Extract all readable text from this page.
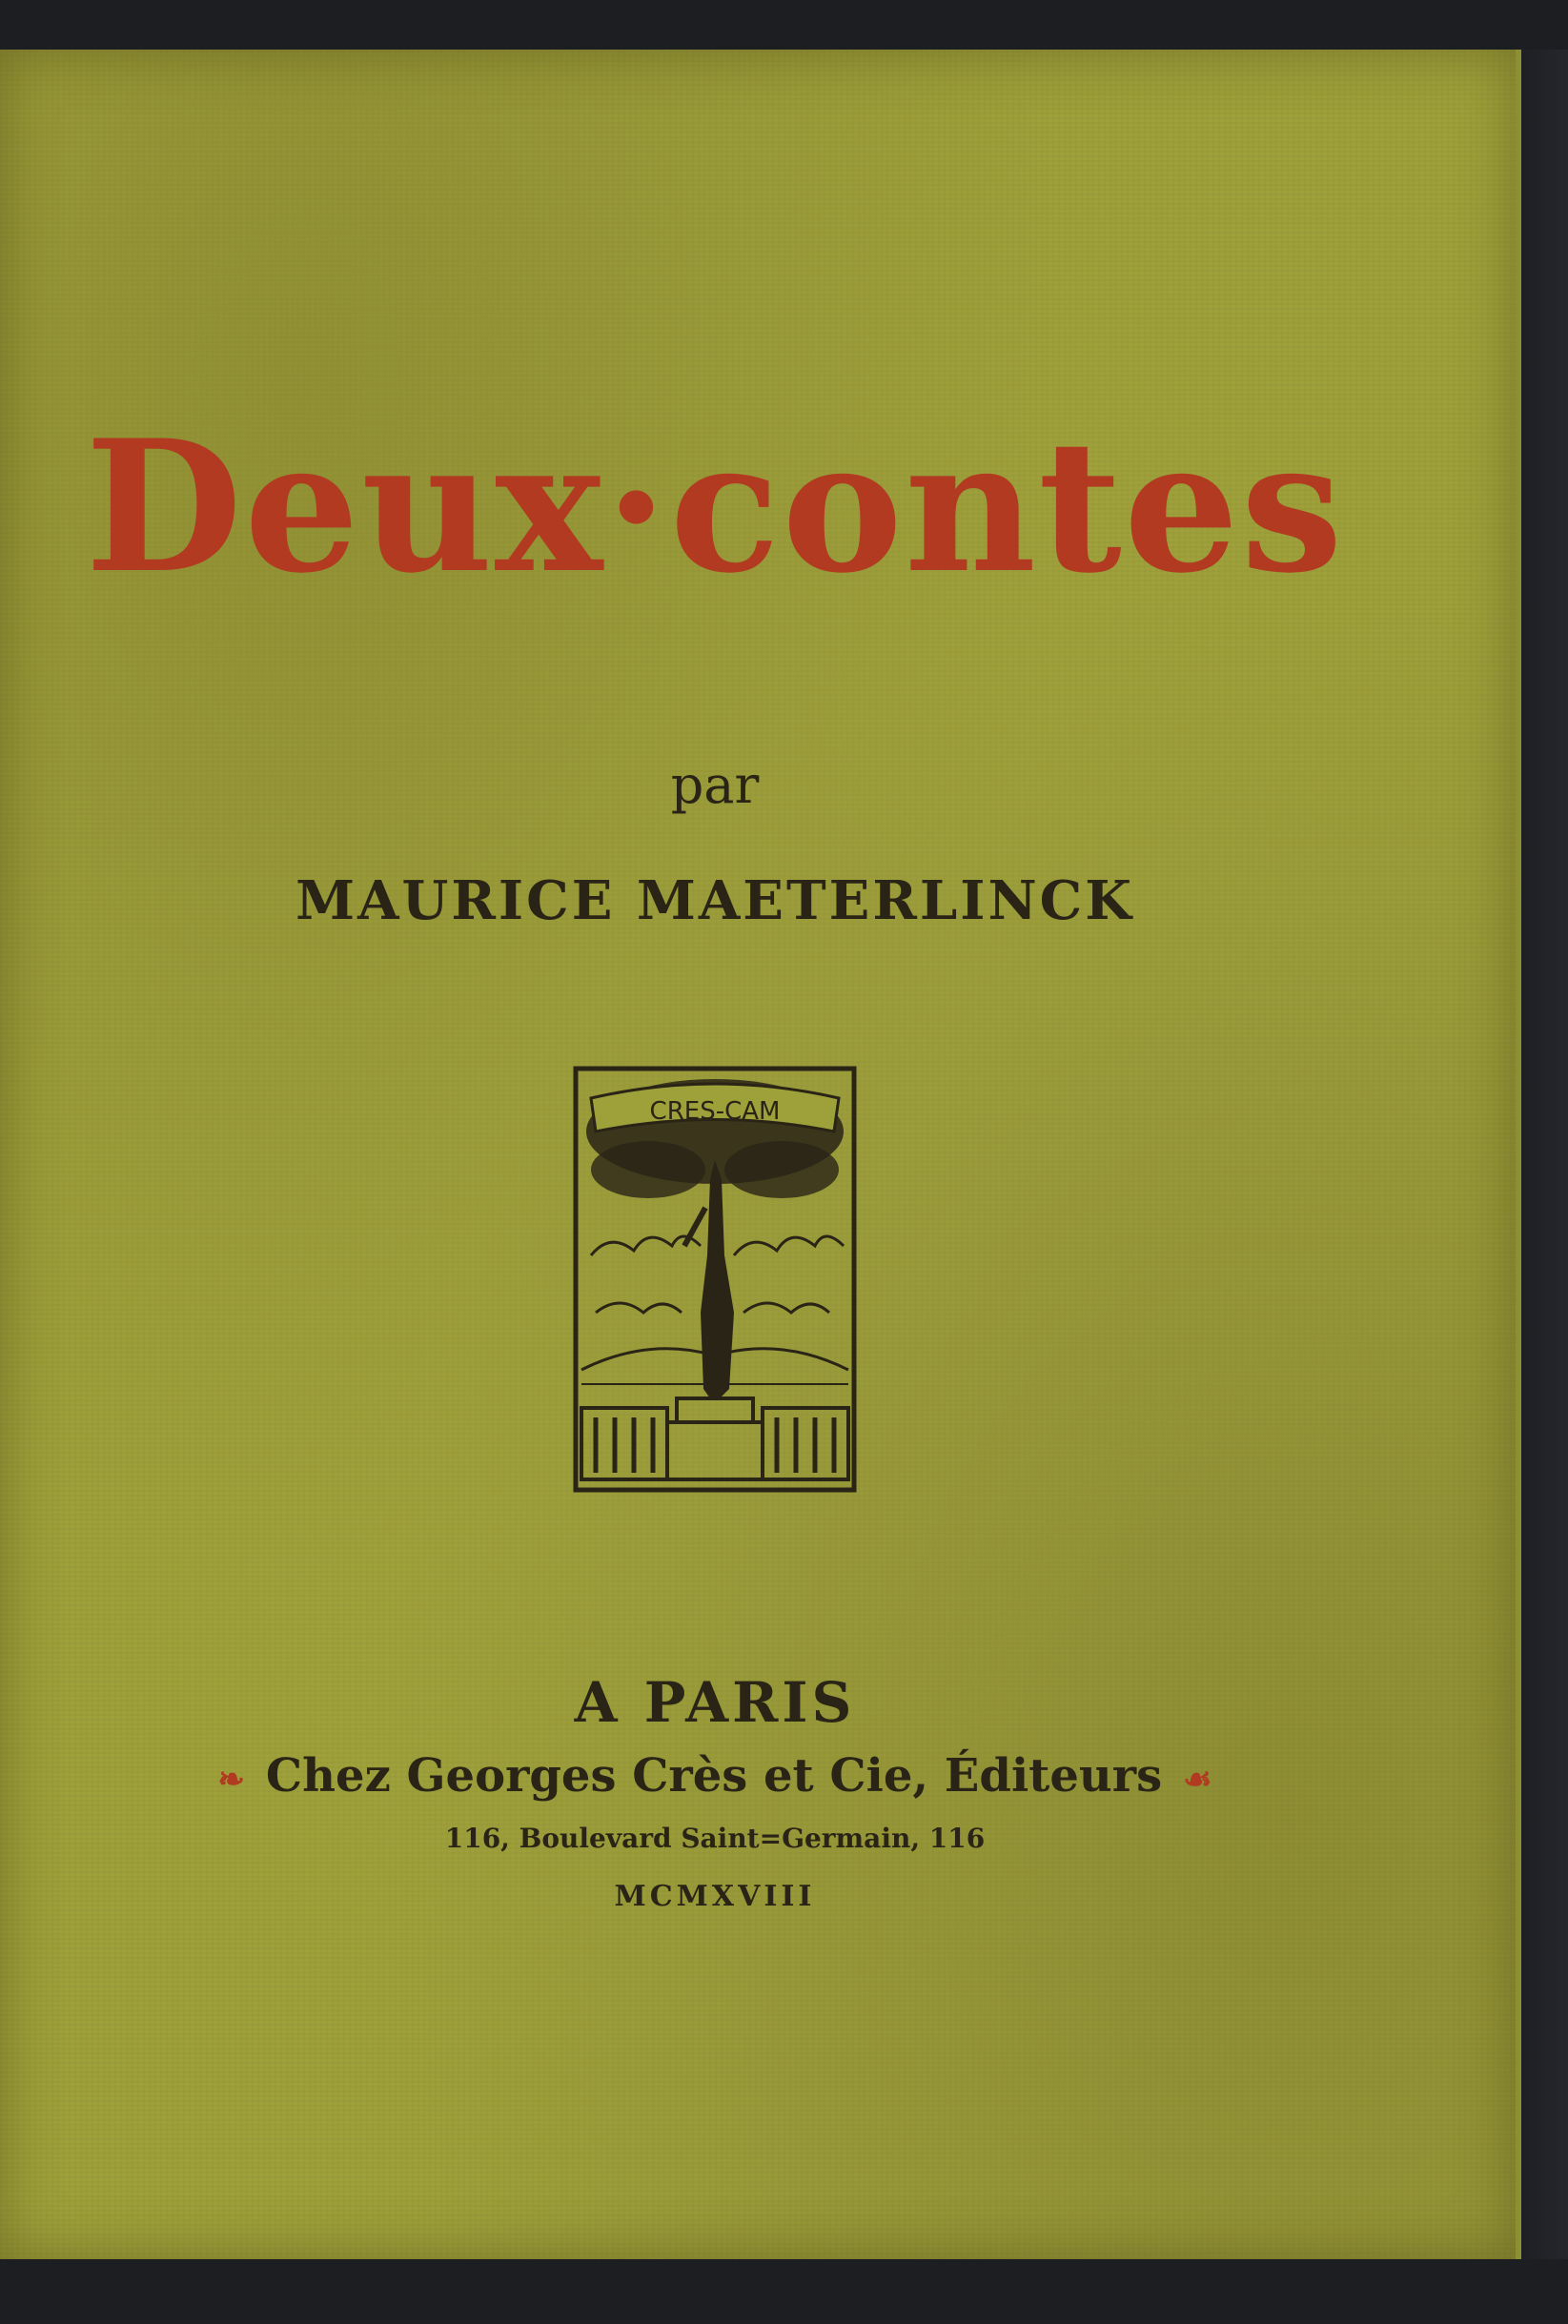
Deux·contes
par
MAURICE MAETERLINCK
CRES-CAM
A PARIS
❧ Chez Georges Crès et Cie, Éditeurs ☙
116, Boulevard Saint=Germain, 116
MCMXVIII
